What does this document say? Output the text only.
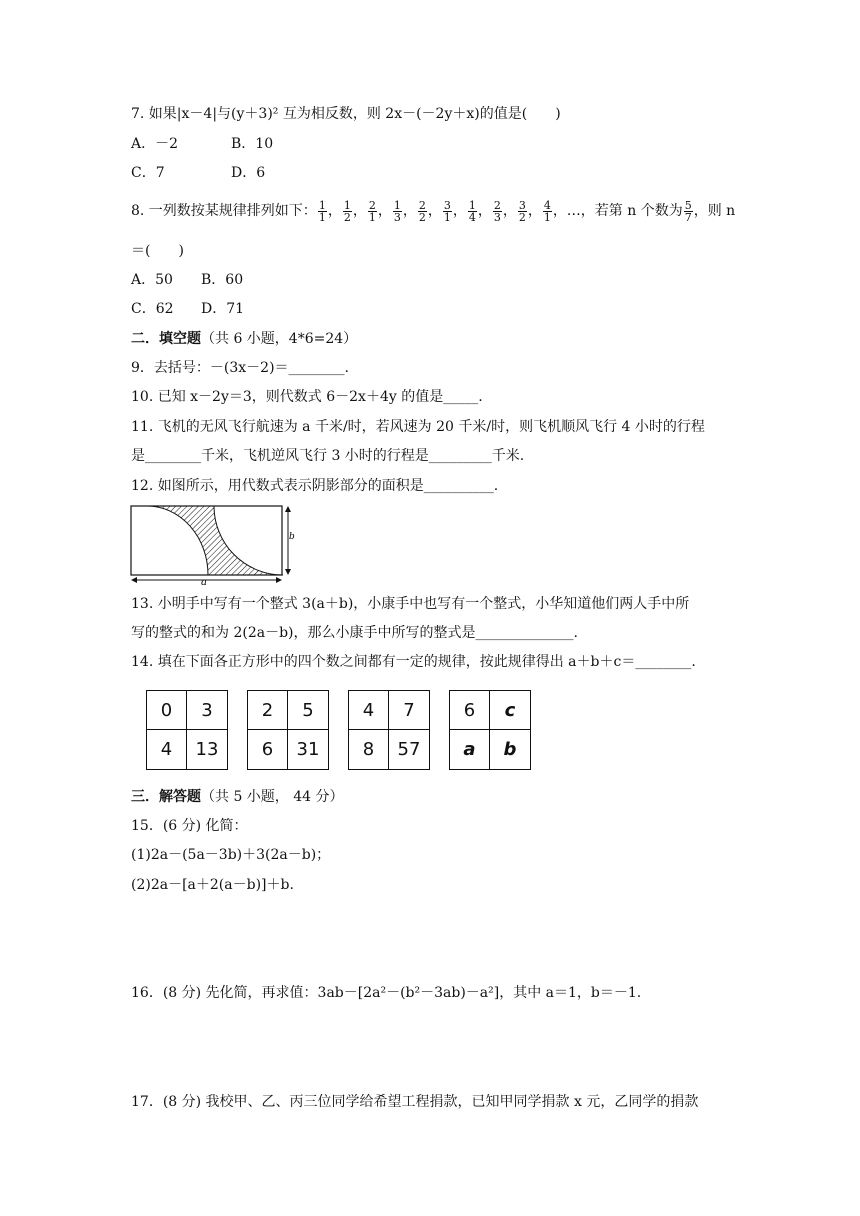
7. 如果|x－4|与(y＋3)² 互为相反数，则 2x－(－2y＋x)的值是(　　)
A．－2	B．10
C．7	D．6
8. 一列数按某规律排列如下： $\frac{1}{1}$ ， $\frac{1}{2}$ ， $\frac{2}{1}$ ， $\frac{1}{3}$ ， $\frac{2}{2}$ ， $\frac{3}{1}$ ， $\frac{1}{4}$ ， $\frac{2}{3}$ ， $\frac{3}{2}$ ， $\frac{4}{1}$ ，…，若第 n 个数为 $\frac{5}{7}$ ，则 n
＝(　　)
A．50 B．60
C．62 D．71
二．填空题（共 6 小题，4*6=24）
9．去括号：－(3x－2)＝________.
10. 已知 x－2y＝3，则代数式 6－2x＋4y 的值是_____.
11. 飞机的无风飞行航速为 a 千米/时，若风速为 20 千米/时，则飞机顺风飞行 4 小时的行程
是________千米，飞机逆风飞行 3 小时的行程是_________千米.
12. 如图所示，用代数式表示阴影部分的面积是__________.
b
a
13. 小明手中写有一个整式 3(a＋b)，小康手中也写有一个整式，小华知道他们两人手中所
写的整式的和为 2(2a－b)，那么小康手中所写的整式是______________.
14. 填在下面各正方形中的四个数之间都有一定的规律，按此规律得出 a＋b＋c＝________.
0	3
4	13
2	5
6	31
4	7
8	57
6	c
a	b
三．解答题（共 5 小题， 44 分）
15．(6 分) 化简：
(1)2a－(5a－3b)＋3(2a－b)；
(2)2a－[a＋2(a－b)]＋b.
16．(8 分) 先化简，再求值：3ab－[2a²－(b²－3ab)－a²]，其中 a＝1，b＝－1.
17．(8 分) 我校甲、乙、丙三位同学给希望工程捐款，已知甲同学捐款 x 元，乙同学的捐款
